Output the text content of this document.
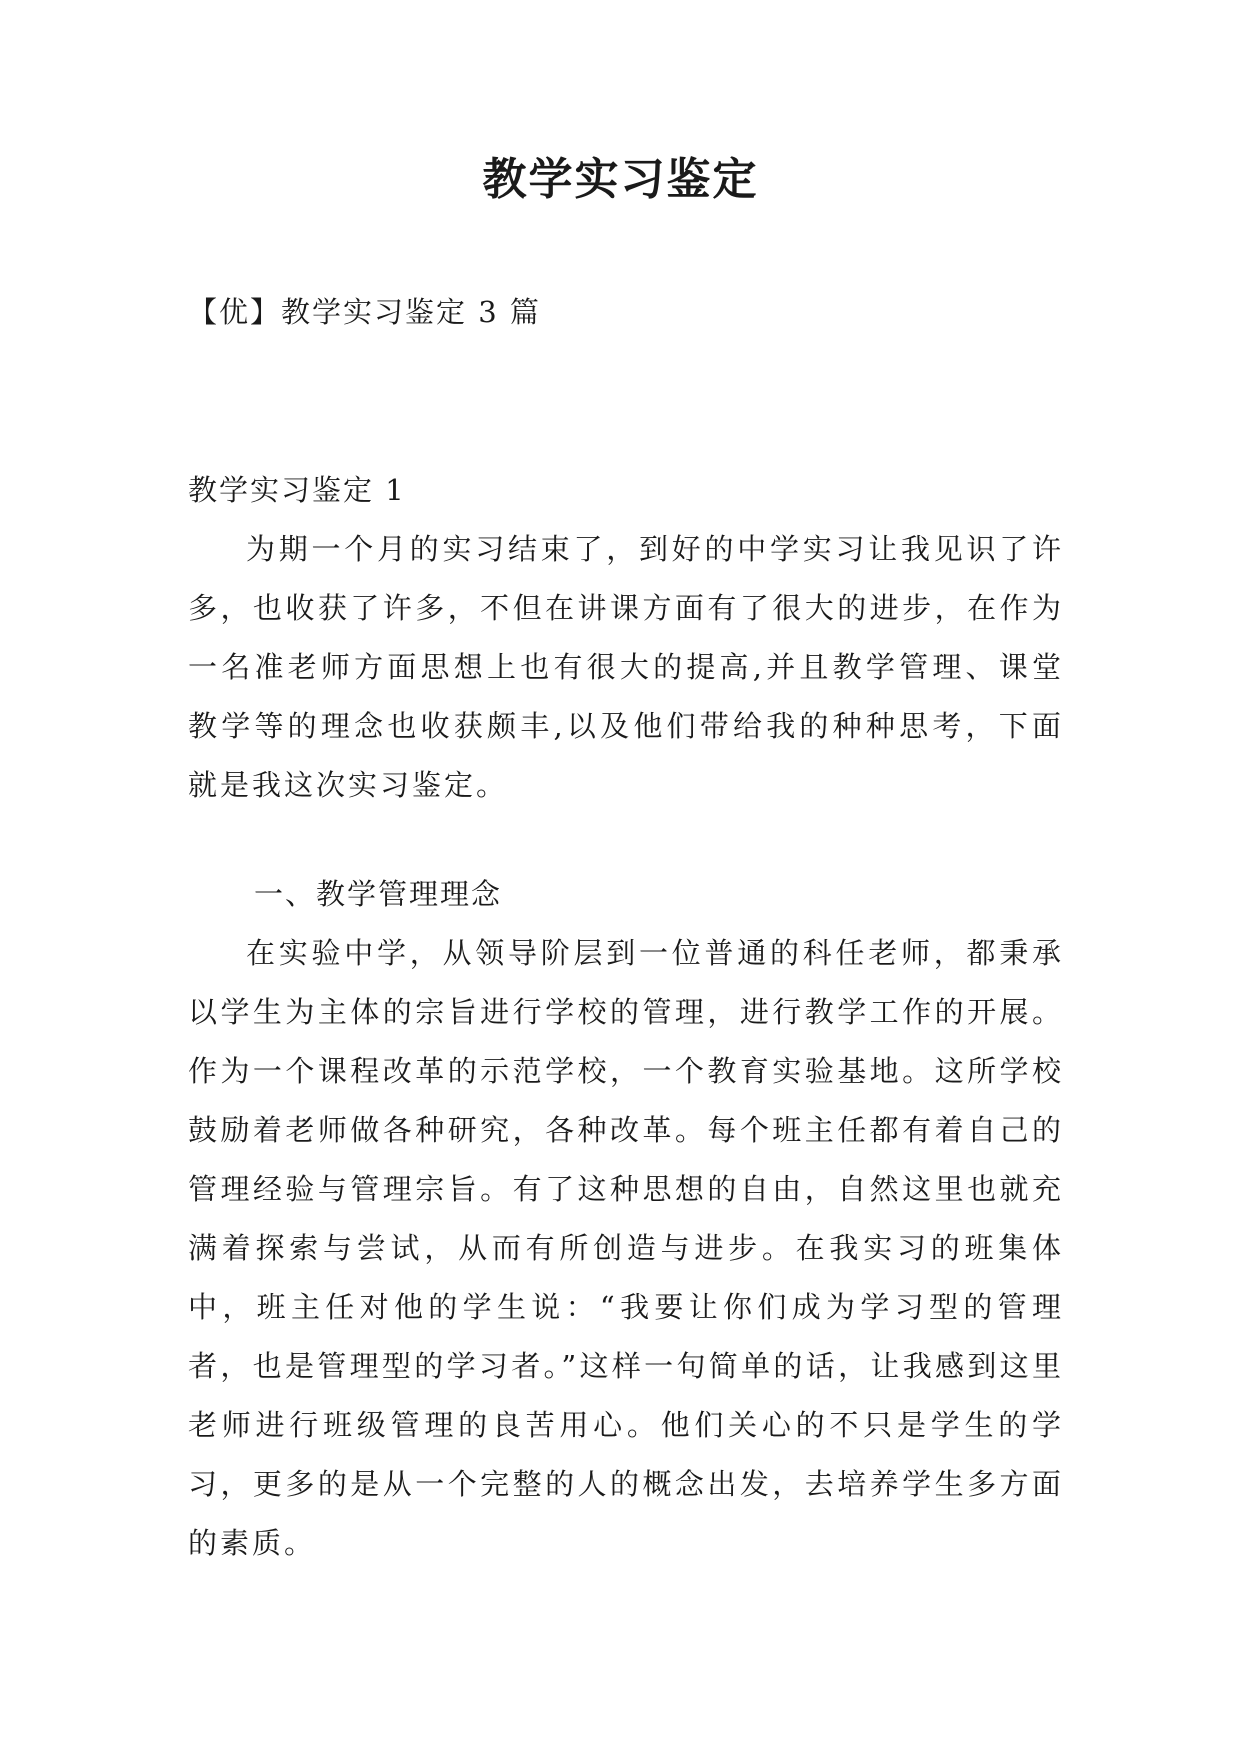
教学实习鉴定
【优】教学实习鉴定 3 篇
教学实习鉴定 1

为期一个月的实习结束了，到好的中学实习让我见识了许多，也收获了许多，不但在讲课方面有了很大的进步，在作为一名准老师方面思想上也有很大的提高,并且教学管理、课堂教学等的理念也收获颇丰,以及他们带给我的种种思考，下面就是我这次实习鉴定。

一、教学管理理念

在实验中学，从领导阶层到一位普通的科任老师，都秉承以学生为主体的宗旨进行学校的管理，进行教学工作的开展。作为一个课程改革的示范学校，一个教育实验基地。这所学校鼓励着老师做各种研究，各种改革。每个班主任都有着自己的管理经验与管理宗旨。有了这种思想的自由，自然这里也就充满着探索与尝试，从而有所创造与进步。在我实习的班集体中，班主任对他的学生说：“我要让你们成为学习型的管理者，也是管理型的学习者。”这样一句简单的话，让我感到这里老师进行班级管理的良苦用心。他们关心的不只是学生的学习，更多的是从一个完整的人的概念出发，去培养学生多方面的素质。
